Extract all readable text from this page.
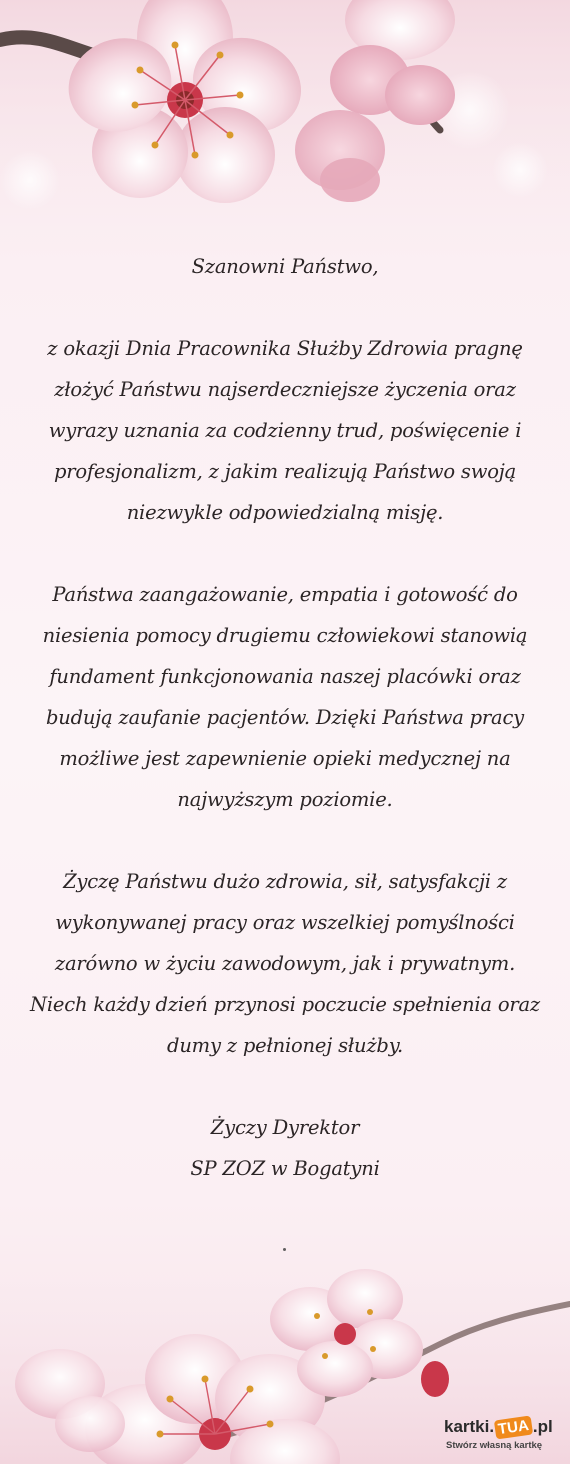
Szanowni Państwo,

z okazji Dnia Pracownika Służby Zdrowia pragnę złożyć Państwu najserdeczniejsze życzenia oraz wyrazy uznania za codzienny trud, poświęcenie i profesjonalizm, z jakim realizują Państwo swoją niezwykle odpowiedzialną misję.

Państwa zaangażowanie, empatia i gotowość do niesienia pomocy drugiemu człowiekowi stanowią fundament funkcjonowania naszej placówki oraz budują zaufanie pacjentów. Dzięki Państwa pracy możliwe jest zapewnienie opieki medycznej na najwyższym poziomie.

Życzę Państwu dużo zdrowia, sił, satysfakcji z wykonywanej pracy oraz wszelkiej pomyślności zarówno w życiu zawodowym, jak i prywatnym. Niech każdy dzień przynosi poczucie spełnienia oraz dumy z pełnionej służby.

Życzy Dyrektor

SP ZOZ w Bogatyni

kartki. TUA .pl
Stwórz własną kartkę
